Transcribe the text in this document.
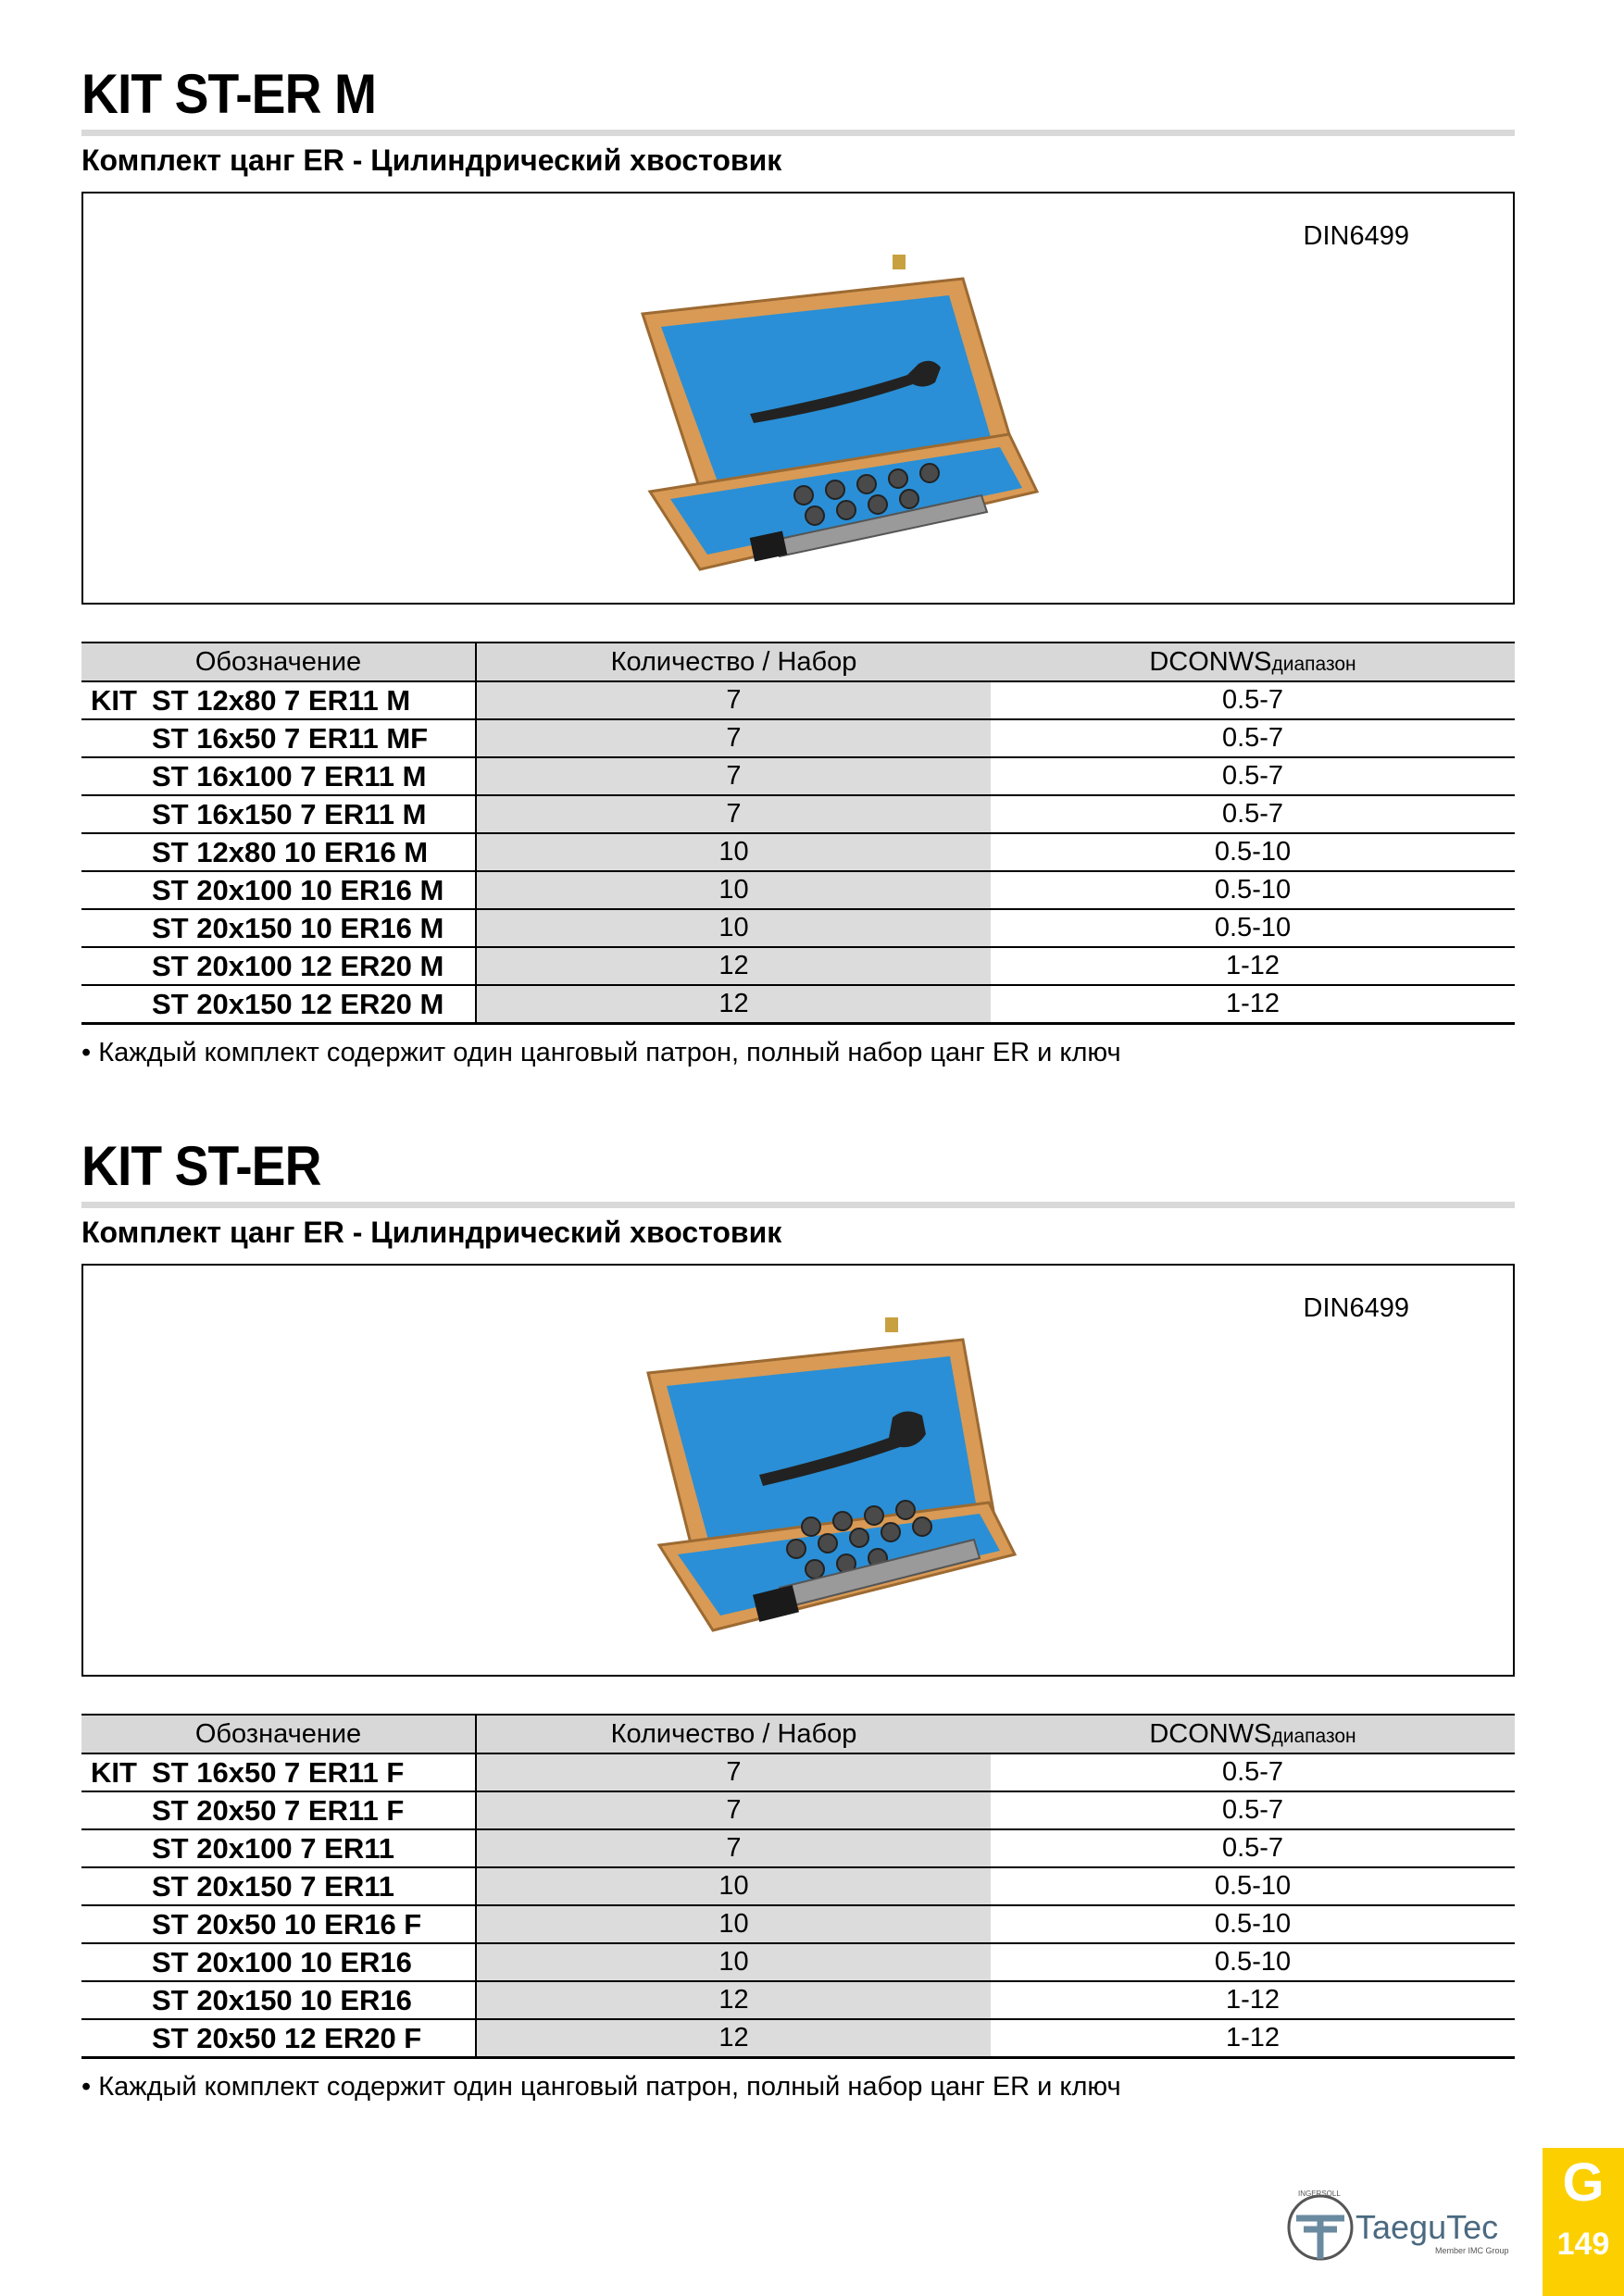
KIT ST-ER M
Комплект цанг ER - Цилиндрический хвостовик
DIN6499
Обозначение	Количество / Набор	DCONWSдиапазон

KIT ST 12x80 7 ER11 M	7	0.5-7

ST 16x50 7 ER11 MF	7	0.5-7

ST 16x100 7 ER11 M	7	0.5-7

ST 16x150 7 ER11 M	7	0.5-7

ST 12x80 10 ER16 M	10	0.5-10

ST 20x100 10 ER16 M	10	0.5-10

ST 20x150 10 ER16 M	10	0.5-10

ST 20x100 12 ER20 M	12	1-12

ST 20x150 12 ER20 M	12	1-12
• Каждый комплект содержит один цанговый патрон, полный набор цанг ER и ключ
KIT ST-ER
Комплект цанг ER - Цилиндрический хвостовик
DIN6499
Обозначение	Количество / Набор	DCONWSдиапазон

KIT ST 16x50 7 ER11 F	7	0.5-7

ST 20x50 7 ER11 F	7	0.5-7

ST 20x100 7 ER11	7	0.5-7

ST 20x150 7 ER11	10	0.5-10

ST 20x50 10 ER16 F	10	0.5-10

ST 20x100 10 ER16	10	0.5-10

ST 20x150 10 ER16	12	1-12

ST 20x50 12 ER20 F	12	1-12
• Каждый комплект содержит один цанговый патрон, полный набор цанг ER и ключ
INGERSOLL
TaeguTec
Member IMC Group
G
149
